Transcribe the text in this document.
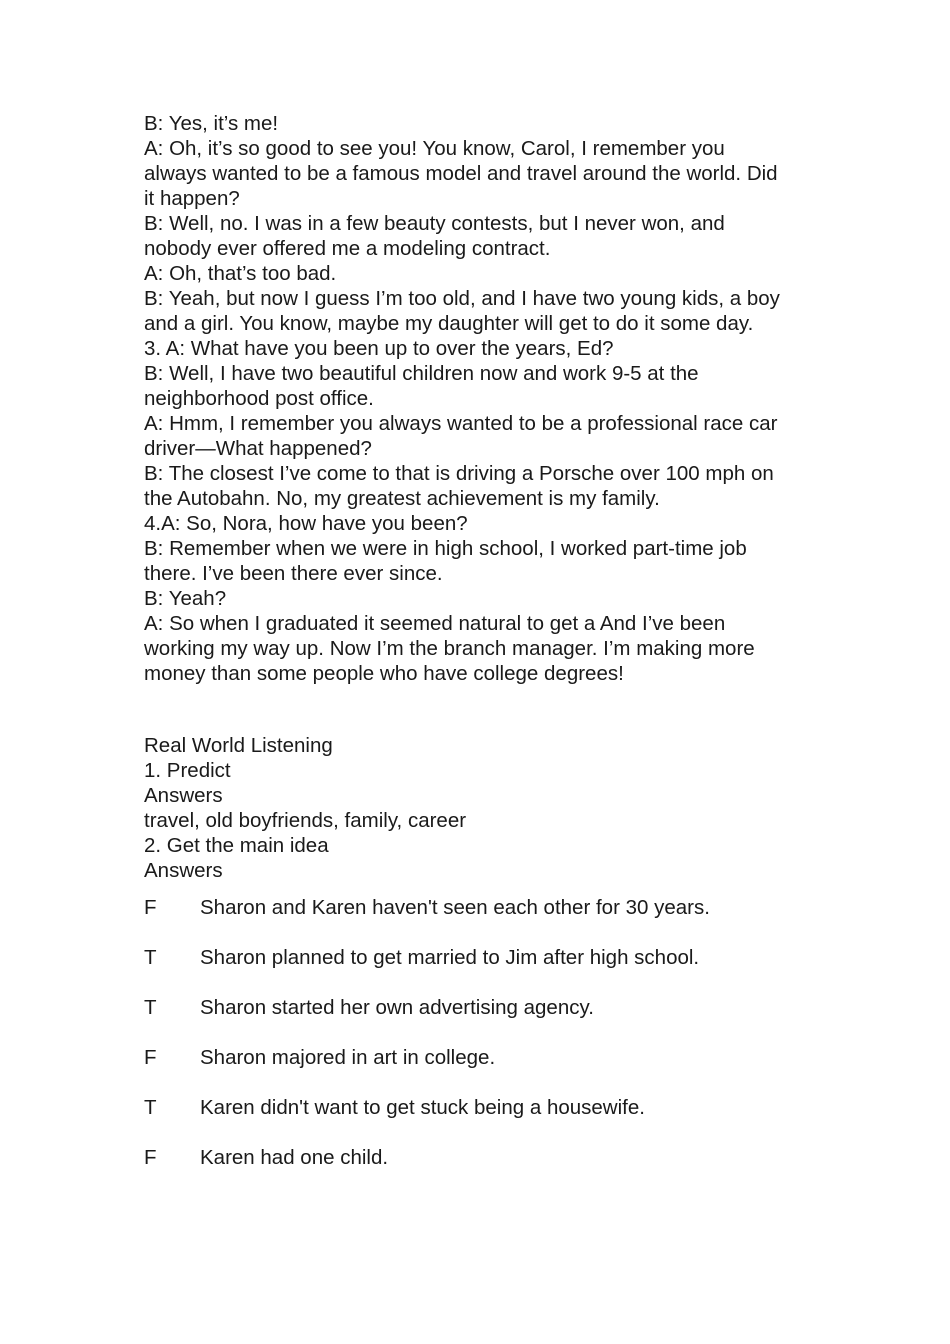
B: Yes, it’s me!

A: Oh, it’s so good to see you! You know, Carol, I remember you

always wanted to be a famous model and travel around the world. Did

it happen?

B: Well, no. I was in a few beauty contests, but I never won, and

nobody ever offered me a modeling contract.

A: Oh, that’s too bad.

B: Yeah, but now I guess I’m too old, and I have two young kids, a boy

and a girl. You know, maybe my daughter will get to do it some day.

3. A: What have you been up to over the years, Ed?

B: Well, I have two beautiful children now and work 9-5 at the

neighborhood post office.

A: Hmm, I remember you always wanted to be a professional race car

driver—What happened?

B: The closest I’ve come to that is driving a Porsche over 100 mph on

the Autobahn. No, my greatest achievement is my family.

4.A: So, Nora, how have you been?

B: Remember when we were in high school, I worked part-time job

there. I’ve been there ever since.

B: Yeah?

A: So when I graduated it seemed natural to get a And I’ve been

working my way up. Now I’m the branch manager. I’m making more

money than some people who have college degrees!

Real World Listening

1. Predict

Answers

travel, old boyfriends, family, career

2. Get the main idea

Answers

F	Sharon and Karen haven't seen each other for 30 years.
T	Sharon planned to get married to Jim after high school.
T	Sharon started her own advertising agency.
F	Sharon majored in art in college.
T	Karen didn't want to get stuck being a housewife.
F	Karen had one child.
